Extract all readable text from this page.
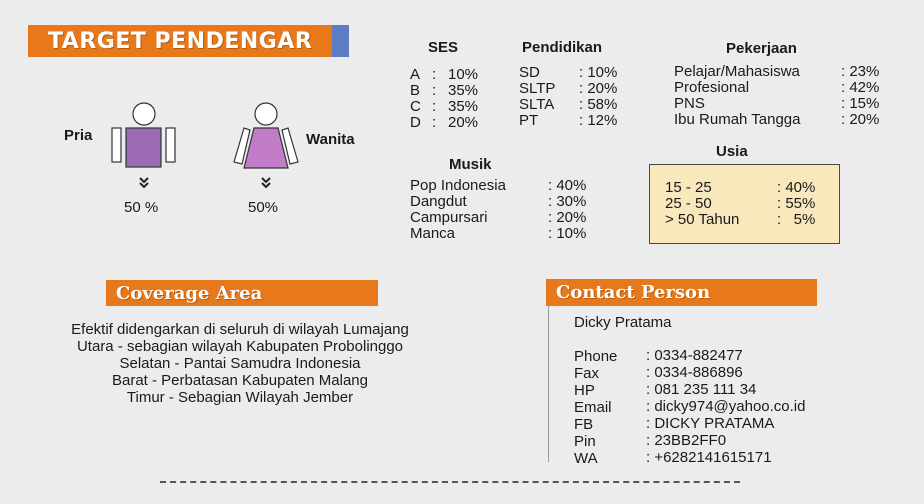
TARGET PENDENGAR
Pria
50 %
Wanita
50%
SES
A : 10%
B : 35%
C : 35%
D : 20%
Pendidikan
SD	: 10%
SLTP : 20%
SLTA : 58%
PT	: 12%
Pekerjaan
Pelajar/Mahasiswa	: 23%
Profesional	: 42%
PNS	: 15%
Ibu Rumah Tangga	: 20%
Musik
Pop Indonesia	: 40%
Dangdut	: 30%
Campursari	: 20%
Manca	: 10%
Usia
15 - 25	: 40%
25 - 50	: 55%
> 50 Tahun	:   5%
Coverage Area
Efektif didengarkan di seluruh di wilayah Lumajang
Utara - sebagian wilayah Kabupaten Probolinggo
Selatan - Pantai Samudra Indonesia
Barat - Perbatasan Kabupaten Malang
Timur - Sebagian Wilayah Jember
Contact Person
Dicky Pratama
Phone : 0334-882477
Fax	: 0334-886896
HP	: 081 235 111 34
Email : dicky974@yahoo.co.id
FB	: DICKY PRATAMA
Pin	: 23BB2FF0
WA	: +6282141615171
